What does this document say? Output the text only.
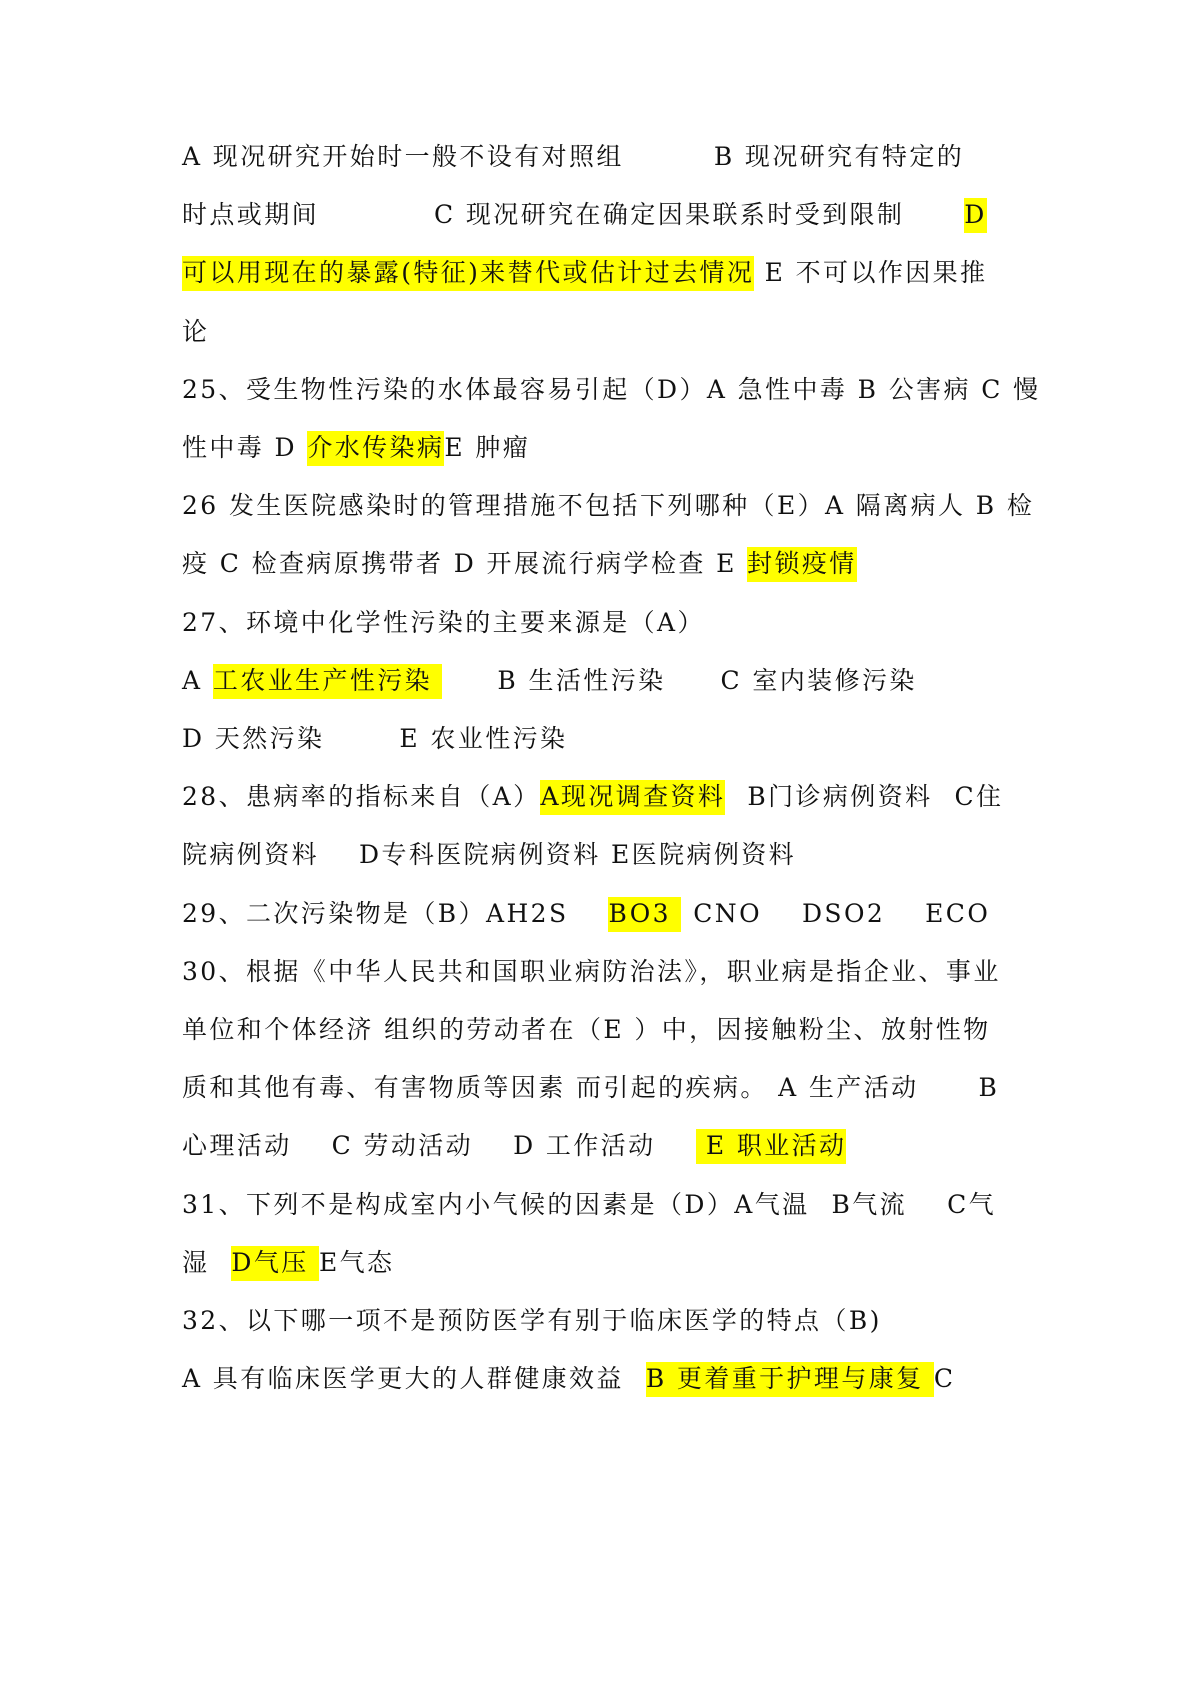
A 现况研究开始时一般不设有对照组	B 现况研究有特定的
时点或期间	C 现况研究在确定因果联系时受到限制 D
可以用现在的暴露(特征)来替代或估计过去情况 E 不可以作因果推
论
25、受生物性污染的水体最容易引起（D）A 急性中毒 B 公害病 C 慢
性中毒 D 介水传染病E 肿瘤
26 发生医院感染时的管理措施不包括下列哪种（E）A 隔离病人 B 检
疫 C 检查病原携带者 D 开展流行病学检查 E 封锁疫情
27、环境中化学性污染的主要来源是（A）
A 工农业生产性污染 B 生活性污染 C 室内装修污染
D 天然污染	E 农业性污染
28、患病率的指标来自（A）A现况调查资料 B门诊病例资料 C住
院病例资料 D专科医院病例资料 E医院病例资料
29、二次污染物是（B）AH2S BO3 CNO DSO2 ECO
30、根据《中华人民共和国职业病防治法》，职业病是指企业、事业
单位和个体经济 组织的劳动者在（E ）中，因接触粉尘、放射性物
质和其他有毒、有害物质等因素 而引起的疾病。 A 生产活动 B
心理活动 C 劳动活动 D 工作活动 E 职业活动
31、下列不是构成室内小气候的因素是（D）A气温 B气流 C气
湿 D气压 E气态
32、以下哪一项不是预防医学有别于临床医学的特点（B)
A 具有临床医学更大的人群健康效益 B 更着重于护理与康复 C
